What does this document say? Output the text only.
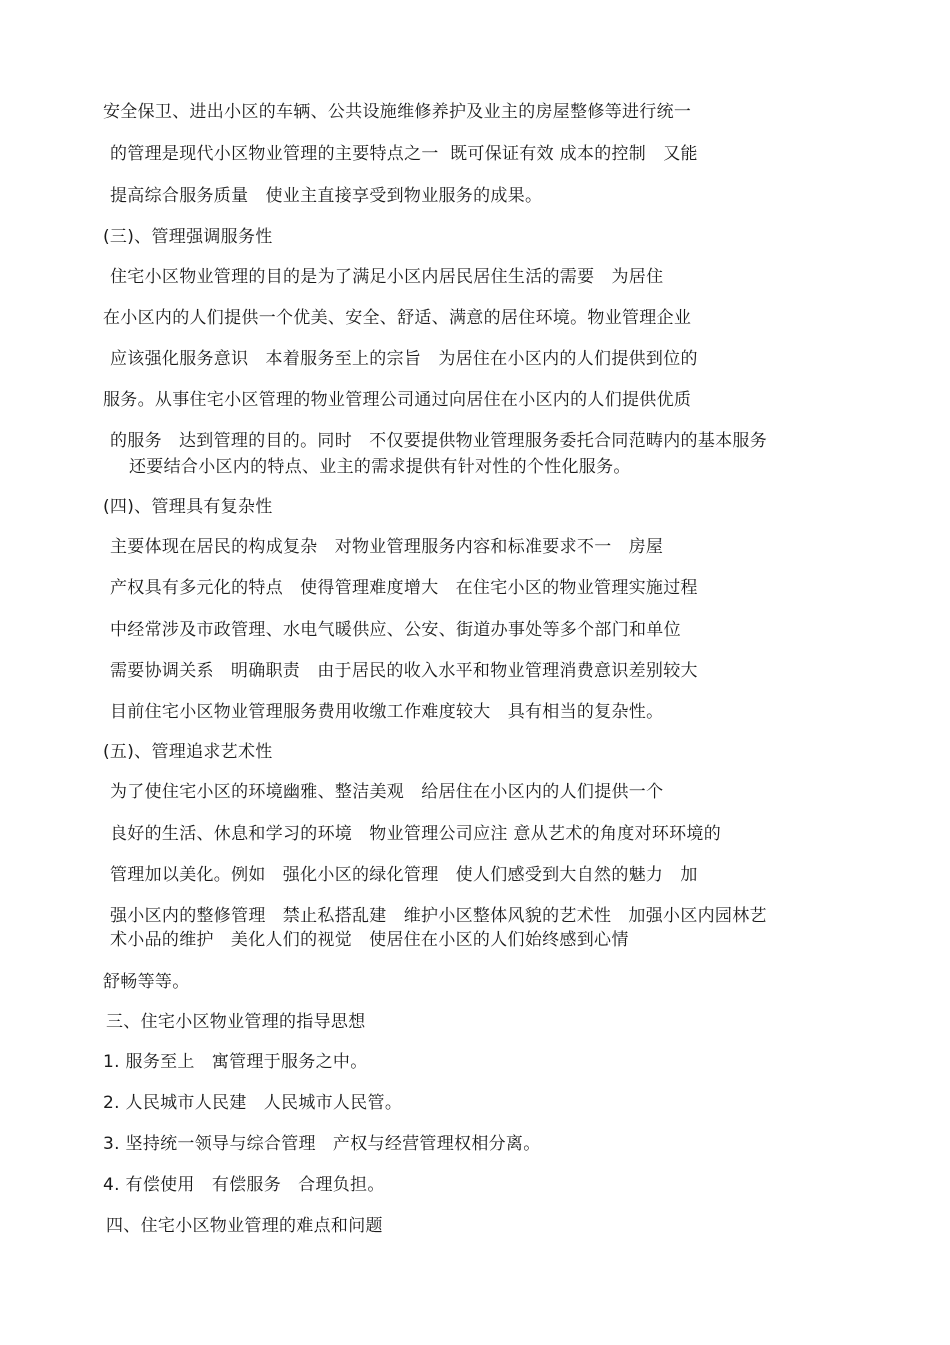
安全保卫、进出小区的车辆、公共设施维修养护及业主的房屋整修等进行统一
的管理是现代小区物业管理的主要特点之一  既可保证有效 成本的控制   又能
提高综合服务质量   使业主直接享受到物业服务的成果。
(三)、管理强调服务性
住宅小区物业管理的目的是为了满足小区内居民居住生活的需要   为居住
在小区内的人们提供一个优美、安全、舒适、满意的居住环境。物业管理企业
应该强化服务意识   本着服务至上的宗旨   为居住在小区内的人们提供到位的
服务。从事住宅小区管理的物业管理公司通过向居住在小区内的人们提供优质
的服务   达到管理的目的。同时   不仅要提供物业管理服务委托合同范畴内的基本服务
还要结合小区内的特点、业主的需求提供有针对性的个性化服务。
(四)、管理具有复杂性
主要体现在居民的构成复杂   对物业管理服务内容和标准要求不一   房屋
产权具有多元化的特点   使得管理难度增大   在住宅小区的物业管理实施过程
中经常涉及市政管理、水电气暖供应、公安、街道办事处等多个部门和单位
需要协调关系   明确职责   由于居民的收入水平和物业管理消费意识差别较大
目前住宅小区物业管理服务费用收缴工作难度较大   具有相当的复杂性。
(五)、管理追求艺术性
为了使住宅小区的环境幽雅、整洁美观   给居住在小区内的人们提供一个
良好的生活、休息和学习的环境   物业管理公司应注 意从艺术的角度对环环境的
管理加以美化。例如   强化小区的绿化管理   使人们感受到大自然的魅力   加
强小区内的整修管理   禁止私搭乱建   维护小区整体风貌的艺术性   加强小区内园林艺
术小品的维护   美化人们的视觉   使居住在小区的人们始终感到心情
舒畅等等。
三、住宅小区物业管理的指导思想
1. 服务至上   寓管理于服务之中。
2. 人民城市人民建   人民城市人民管。
3. 坚持统一领导与综合管理   产权与经营管理权相分离。
4. 有偿使用   有偿服务   合理负担。
四、住宅小区物业管理的难点和问题
